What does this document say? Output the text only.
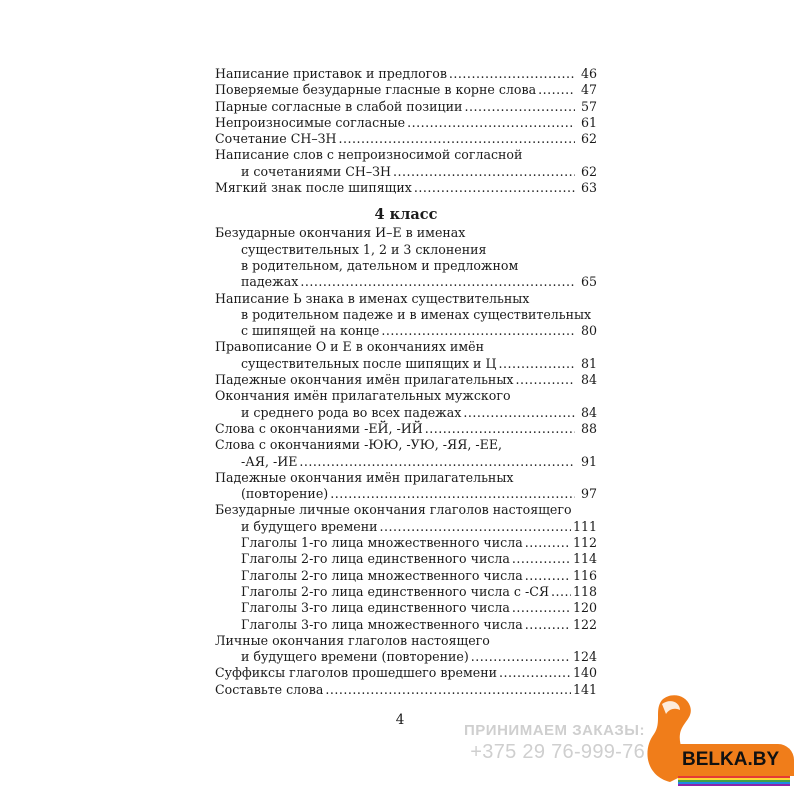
Написание приставок и предлогов .....	46
Поверяемые безударные гласные в корне слова .....	47
Парные согласные в слабой позиции .....	57
Непроизносимые согласные .....	61
Сочетание СН–ЗН .....	62
Написание слов с непроизносимой согласной
и сочетаниями СН–ЗН .....	62
Мягкий знак после шипящих .....	63
4 класс
Безударные окончания И–Е в именах
существительных 1, 2 и 3 склонения
в родительном, дательном и предложном
падежах .....	65
Написание Ь знака в именах существительных
в родительном падеже и в именах существительных
с шипящей на конце .....	80
Правописание О и Е в окончаниях имён
существительных после шипящих и Ц .....	81
Падежные окончания имён прилагательных .....	84
Окончания имён прилагательных мужского
и среднего рода во всех падежах .....	84
Слова с окончаниями -ЕЙ, -ИЙ .....	88
Слова с окончаниями -ЮЮ, -УЮ, -ЯЯ, -ЕЕ,
-АЯ, -ИЕ .....	91
Падежные окончания имён прилагательных
(повторение) .....	97
Безударные личные окончания глаголов настоящего
и будущего времени .....	111
Глаголы 1-го лица множественного числа .....	112
Глаголы 2-го лица единственного числа .....	114
Глаголы 2-го лица множественного числа .....	116
Глаголы 2-го лица единственного числа с -СЯ ..... 118
Глаголы 3-го лица единственного числа .....	120
Глаголы 3-го лица множественного числа .....	122
Личные окончания глаголов настоящего
и будущего времени (повторение) .....	124
Суффиксы глаголов прошедшего времени .....	140
Составьте слова .....	141
4
ПРИНИМАЕМ ЗАКАЗЫ:
+375 29 76-999-76 BELKA.BY
